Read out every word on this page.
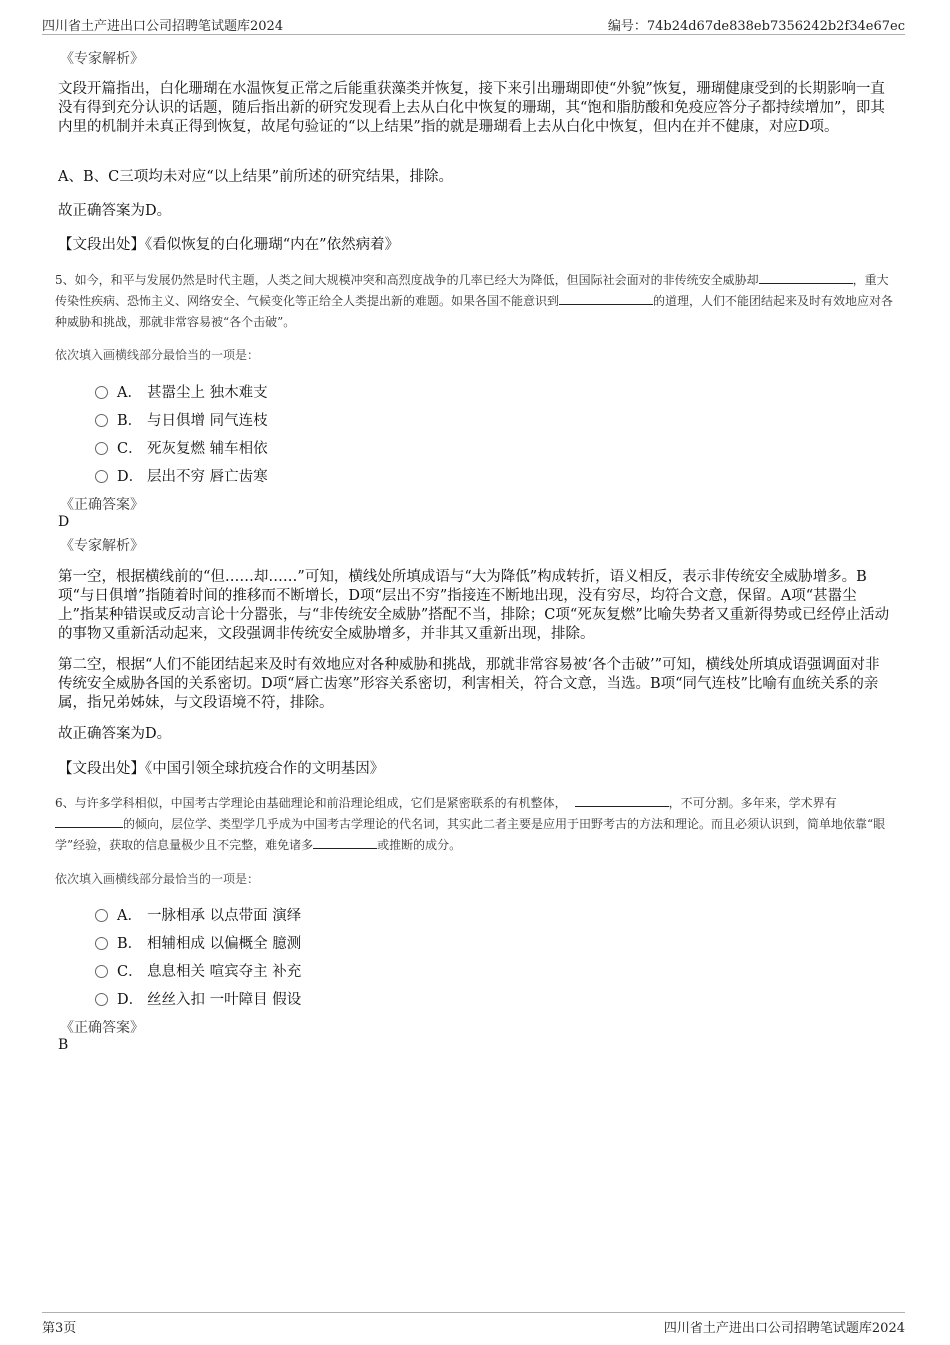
四川省土产进出口公司招聘笔试题库2024	编号：74b24d67de838eb7356242b2f34e67ec
《专家解析》
文段开篇指出，白化珊瑚在水温恢复正常之后能重获藻类并恢复，接下来引出珊瑚即使“外貌”恢复，珊瑚健康受到的长期影响一直没有得到充分认识的话题，随后指出新的研究发现看上去从白化中恢复的珊瑚，其“饱和脂肪酸和免疫应答分子都持续增加”，即其内里的机制并未真正得到恢复，故尾句验证的“以上结果”指的就是珊瑚看上去从白化中恢复，但内在并不健康，对应D项。
A、B、C三项均未对应“以上结果”前所述的研究结果，排除。
故正确答案为D。
【文段出处】《看似恢复的白化珊瑚“内在”依然病着》
5、如今，和平与发展仍然是时代主题，人类之间大规模冲突和高烈度战争的几率已经大为降低，但国际社会面对的非传统安全威胁却	，重大传染性疾病、恐怖主义、网络安全、气候变化等正给全人类提出新的难题。如果各国不能意识到	的道理，人们不能团结起来及时有效地应对各种威胁和挑战，那就非常容易被“各个击破”。
依次填入画横线部分最恰当的一项是：
A． 甚嚣尘上 独木难支
B． 与日俱增 同气连枝
C． 死灰复燃 辅车相依
D． 层出不穷 唇亡齿寒
《正确答案》
D
《专家解析》
第一空，根据横线前的“但……却……”可知，横线处所填成语与“大为降低”构成转折，语义相反，表示非传统安全威胁增多。B项“与日俱增”指随着时间的推移而不断增长，D项“层出不穷”指接连不断地出现，没有穷尽，均符合文意，保留。A项“甚嚣尘上”指某种错误或反动言论十分嚣张，与“非传统安全威胁”搭配不当，排除；C项“死灰复燃”比喻失势者又重新得势或已经停止活动的事物又重新活动起来，文段强调非传统安全威胁增多，并非其又重新出现，排除。
第二空，根据“人们不能团结起来及时有效地应对各种威胁和挑战，那就非常容易被‘各个击破’”可知，横线处所填成语强调面对非传统安全威胁各国的关系密切。D项“唇亡齿寒”形容关系密切，利害相关，符合文意，当选。B项“同气连枝”比喻有血统关系的亲属，指兄弟姊妹，与文段语境不符，排除。
故正确答案为D。
【文段出处】《中国引领全球抗疫合作的文明基因》
6、与许多学科相似，中国考古学理论由基础理论和前沿理论组成，它们是紧密联系的有机整体，	，不可分割。多年来，学术界有的倾向，层位学、类型学几乎成为中国考古学理论的代名词，其实此二者主要是应用于田野考古的方法和理论。而且必须认识到，简单地依靠“眼学”经验，获取的信息量极少且不完整，难免诸多	或推断的成分。
依次填入画横线部分最恰当的一项是：
A． 一脉相承 以点带面 演绎
B． 相辅相成 以偏概全 臆测
C． 息息相关 喧宾夺主 补充
D． 丝丝入扣 一叶障目 假设
《正确答案》
B
第3页	四川省土产进出口公司招聘笔试题库2024
